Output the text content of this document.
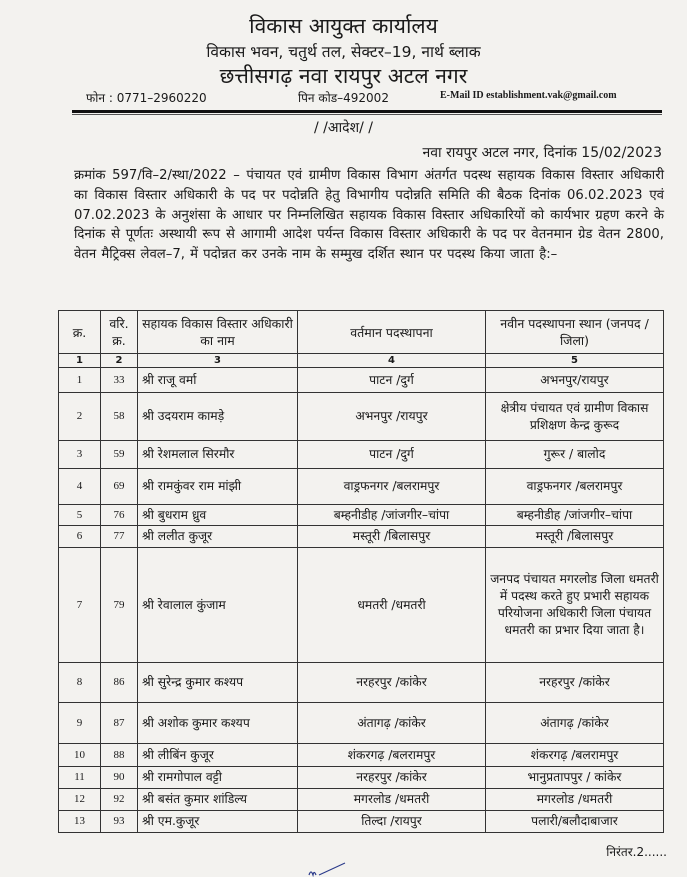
विकास आयुक्त कार्यालय
विकास भवन, चतुर्थ तल, सेक्टर–19, नार्थ ब्लाक
छत्तीसगढ़ नवा रायपुर अटल नगर
फोन : 0771–2960220	पिन कोड–492002	E-Mail ID establishment.vak@gmail.com
/ /आदेश/ /
नवा रायपुर अटल नगर, दिनांक 15/02/2023
क्रमांक 597/वि–2/स्था/2022 – पंचायत एवं ग्रामीण विकास विभाग अंतर्गत पदस्थ सहायक विकास विस्तार अधिकारी का विकास विस्तार अधिकारी के पद पर पदोन्नति हेतु विभागीय पदोन्नति समिति की बैठक दिनांक 06.02.2023 एवं 07.02.2023 के अनुशंसा के आधार पर निम्नलिखित सहायक विकास विस्तार अधिकारियों को कार्यभार ग्रहण करने के दिनांक से पूर्णतः अस्थायी रूप से आगामी आदेश पर्यन्त विकास विस्तार अधिकारी के पद पर वेतनमान ग्रेड वेतन 2800, वेतन मैट्रिक्स लेवल–7, में पदोन्नत कर उनके नाम के सम्मुख दर्शित स्थान पर पदस्थ किया जाता है:–
क्र.	वरि. क्र.	सहायक विकास विस्तार अधिकारी का नाम	वर्तमान पदस्थापना	नवीन पदस्थापना स्थान (जनपद / जिला)
1	2	3	4	5
1	33	श्री राजू वर्मा	पाटन /दुर्ग	अभनपुर/रायपुर
2	58	श्री उदयराम कामड़े	अभनपुर /रायपुर	क्षेत्रीय पंचायत एवं ग्रामीण विकास प्रशिक्षण केन्द्र कुरूद
3	59	श्री रेशमलाल सिरमौर	पाटन /दुर्ग	गुरूर / बालोद
4	69	श्री रामकुंवर राम मांझी	वाड्रफनगर /बलरामपुर	वाड्रफनगर /बलरामपुर
5	76	श्री बुधराम ध्रुव	बम्हनीडीह /जांजगीर–चांपा	बम्हनीडीह /जांजगीर–चांपा
6	77	श्री ललीत कुजूर	मस्तूरी /बिलासपुर	मस्तूरी /बिलासपुर
7	79	श्री रेवालाल कुंजाम	धमतरी /धमतरी	जनपद पंचायत मगरलोड जिला धमतरी में पदस्थ करते हुए प्रभारी सहायक परियोजना अधिकारी जिला पंचायत धमतरी का प्रभार दिया जाता है।
8	86	श्री सुरेन्द्र कुमार कश्यप	नरहरपुर /कांकेर	नरहरपुर /कांकेर
9	87	श्री अशोक कुमार कश्यप	अंतागढ़ /कांकेर	अंतागढ़ /कांकेर
10	88	श्री लीबिंन कुजूर	शंकरगढ़ /बलरामपुर	शंकरगढ़ /बलरामपुर
11	90	श्री रामगोपाल वट्टी	नरहरपुर /कांकेर	भानुप्रतापपुर / कांकेर
12	92	श्री बसंत कुमार शांडिल्य	मगरलोड /धमतरी	मगरलोड /धमतरी
13	93	श्री एम.कुजूर	तिल्दा /रायपुर	पलारी/बलौदाबाजार
निरंतर.2......
